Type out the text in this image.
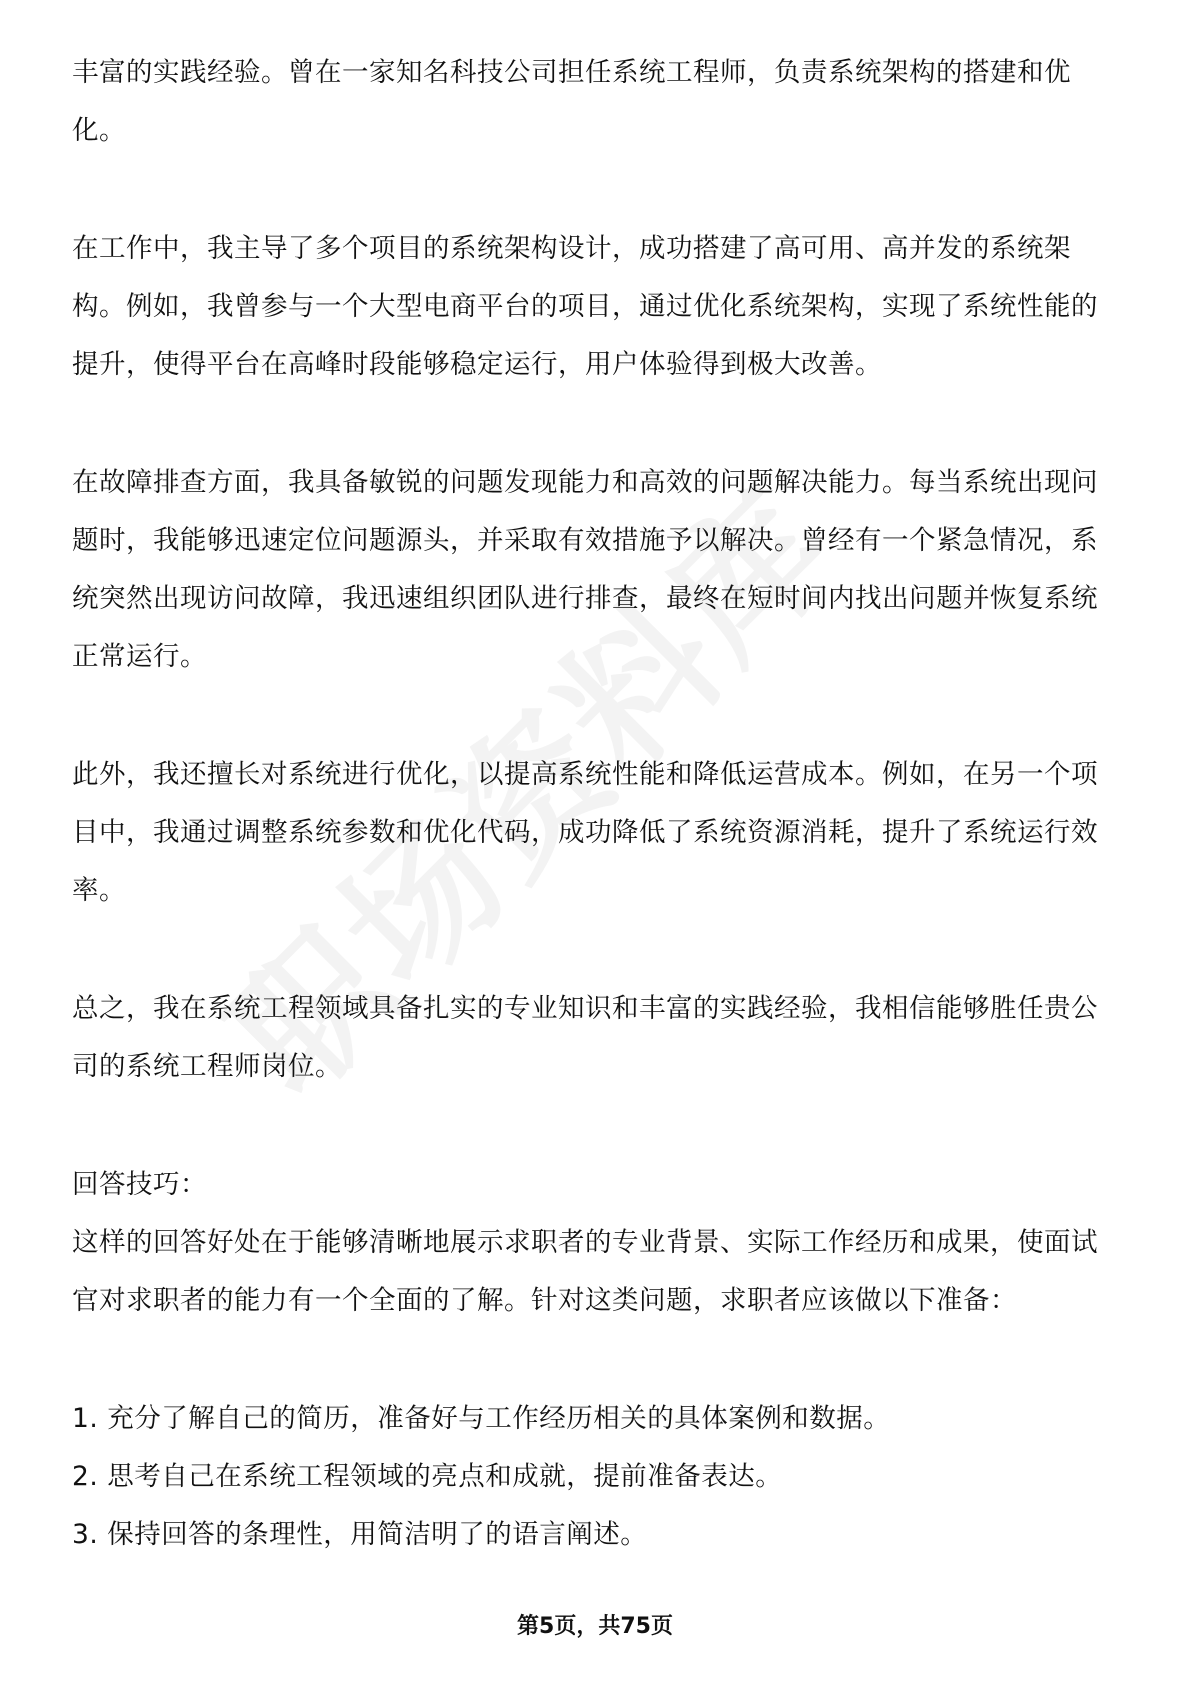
丰富的实践经验。曾在一家知名科技公司担任系统工程师，负责系统架构的搭建和优化。

在工作中，我主导了多个项目的系统架构设计，成功搭建了高可用、高并发的系统架构。例如，我曾参与一个大型电商平台的项目，通过优化系统架构，实现了系统性能的提升，使得平台在高峰时段能够稳定运行，用户体验得到极大改善。

在故障排查方面，我具备敏锐的问题发现能力和高效的问题解决能力。每当系统出现问题时，我能够迅速定位问题源头，并采取有效措施予以解决。曾经有一个紧急情况，系统突然出现访问故障，我迅速组织团队进行排查，最终在短时间内找出问题并恢复系统正常运行。

此外，我还擅长对系统进行优化，以提高系统性能和降低运营成本。例如，在另一个项目中，我通过调整系统参数和优化代码，成功降低了系统资源消耗，提升了系统运行效率。

总之，我在系统工程领域具备扎实的专业知识和丰富的实践经验，我相信能够胜任贵公司的系统工程师岗位。

回答技巧：

这样的回答好处在于能够清晰地展示求职者的专业背景、实际工作经历和成果，使面试官对求职者的能力有一个全面的了解。针对这类问题，求职者应该做以下准备：

1. 充分了解自己的简历，准备好与工作经历相关的具体案例和数据。

2. 思考自己在系统工程领域的亮点和成就，提前准备表达。

3. 保持回答的条理性，用简洁明了的语言阐述。

第5页，共75页
